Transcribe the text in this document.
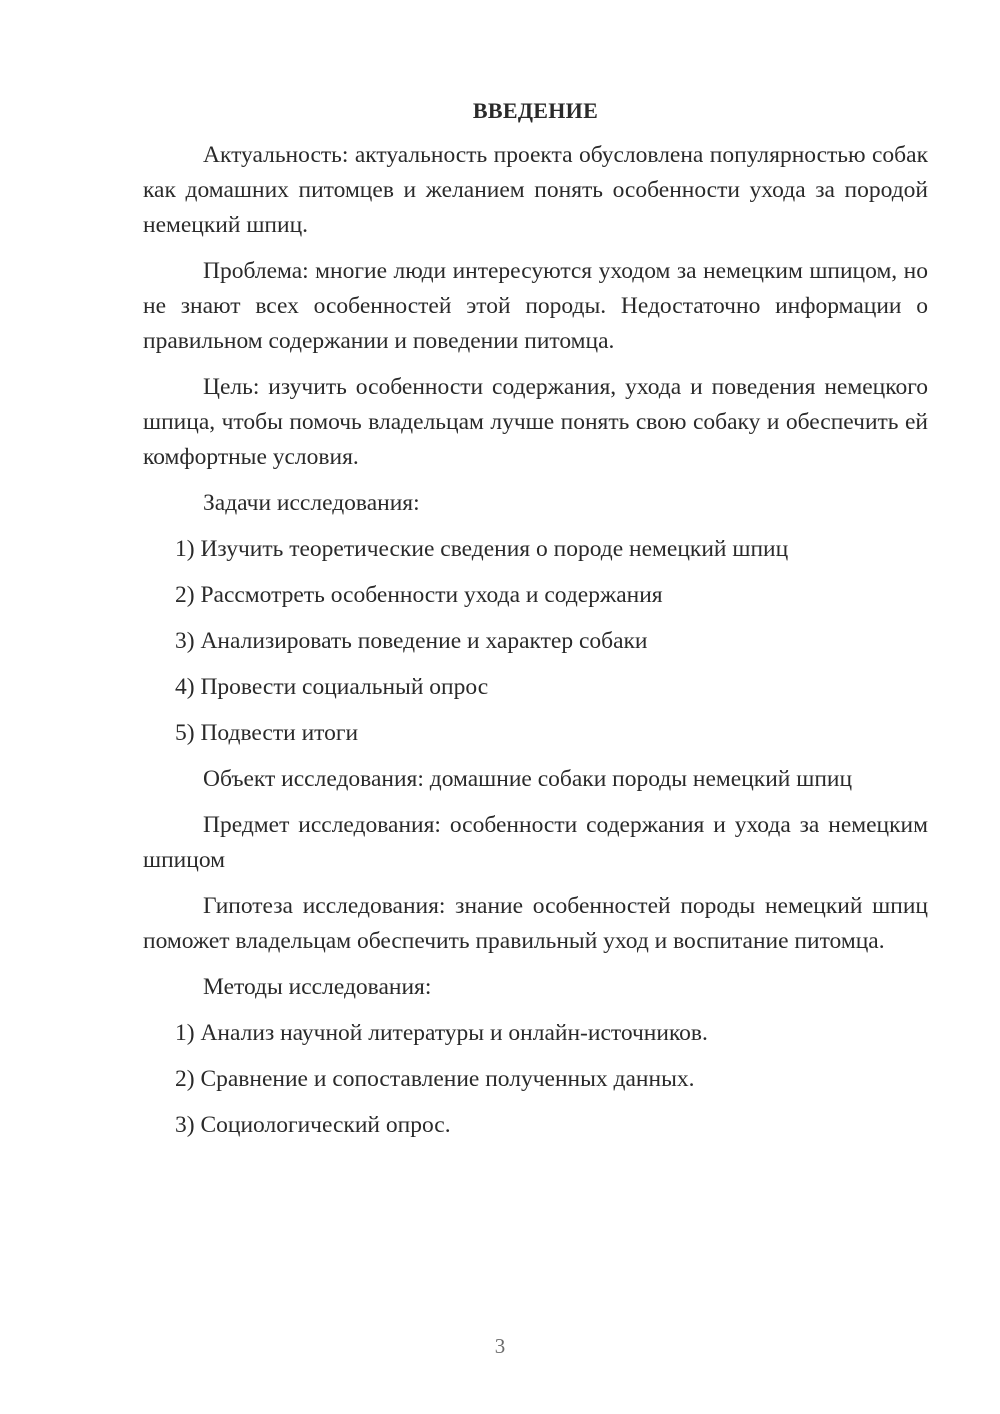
ВВЕДЕНИЕ

Актуальность: актуальность проекта обусловлена популярностью собак как домашних питомцев и желанием понять особенности ухода за породой немецкий шпиц.

Проблема: многие люди интересуются уходом за немецким шпицом, но не знают всех особенностей этой породы. Недостаточно информации о правильном содержании и поведении питомца.

Цель: изучить особенности содержания, ухода и поведения немецкого шпица, чтобы помочь владельцам лучше понять свою собаку и обеспечить ей комфортные условия.

Задачи исследования:

1) Изучить теоретические сведения о породе немецкий шпиц
2) Рассмотреть особенности ухода и содержания
3) Анализировать поведение и характер собаки
4) Провести социальный опрос
5) Подвести итоги

Объект исследования: домашние собаки породы немецкий шпиц

Предмет исследования: особенности содержания и ухода за немецким шпицом

Гипотеза исследования: знание особенностей породы немецкий шпиц поможет владельцам обеспечить правильный уход и воспитание питомца.

Методы исследования:

1) Анализ научной литературы и онлайн-источников.
2) Сравнение и сопоставление полученных данных.
3) Социологический опрос.
3
